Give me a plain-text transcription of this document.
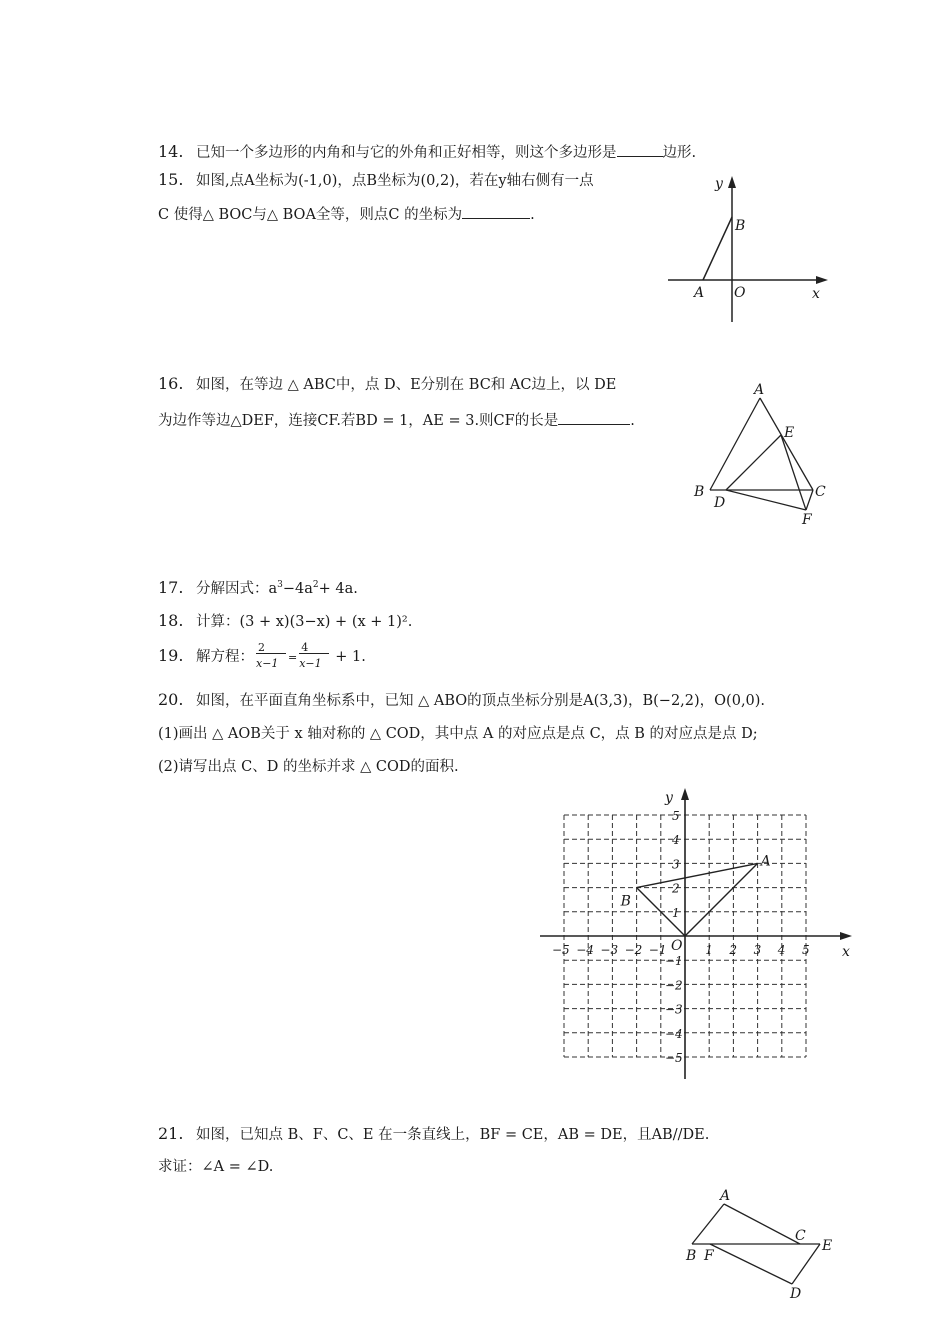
14. 已知一个多边形的内角和与它的外角和正好相等，则这个多边形是	边形.
15. 如图,点A坐标为(-1,0)，点B坐标为(0,2)，若在y轴右侧有一点
C 使得△ BOC与△ BOA全等，则点C 的坐标为	.
y
B
A O	x
16. 如图，在等边 △ ABC中，点 D、E分别在 BC和 AC边上，以 DE
为边作等边△DEF，连接CF.若BD = 1，AE = 3.则CF的长是	.
A
E
B
D
C
F
17. 分解因式：$a^3-4a^2+ 4a$.
18. 计算：(3 + x)(3−x) + (x + 1)².
19. 解方程： $\frac{2}{x-1} = \frac{4}{x-1} + 1$.
20. 如图，在平面直角坐标系中，已知 △ ABO的顶点坐标分别是A(3,3)，B(−2,2)，O(0,0).
(1)画出 △ AOB关于 x 轴对称的 △ COD，其中点 A 的对应点是点 C，点 B 的对应点是点 D;
(2)请写出点 C、D 的坐标并求 △ COD的面积.
−5 −4 −3 −2 −1	1 2 3 4 5
5
4
3
2
1
−1
−2
−3
−4
−5
A
B
O
y
x
21. 如图，已知点 B、F、C、E 在一条直线上，BF = CE，AB = DE，且AB//DE.
求证：∠A = ∠D.
A
B F
C
E
D
